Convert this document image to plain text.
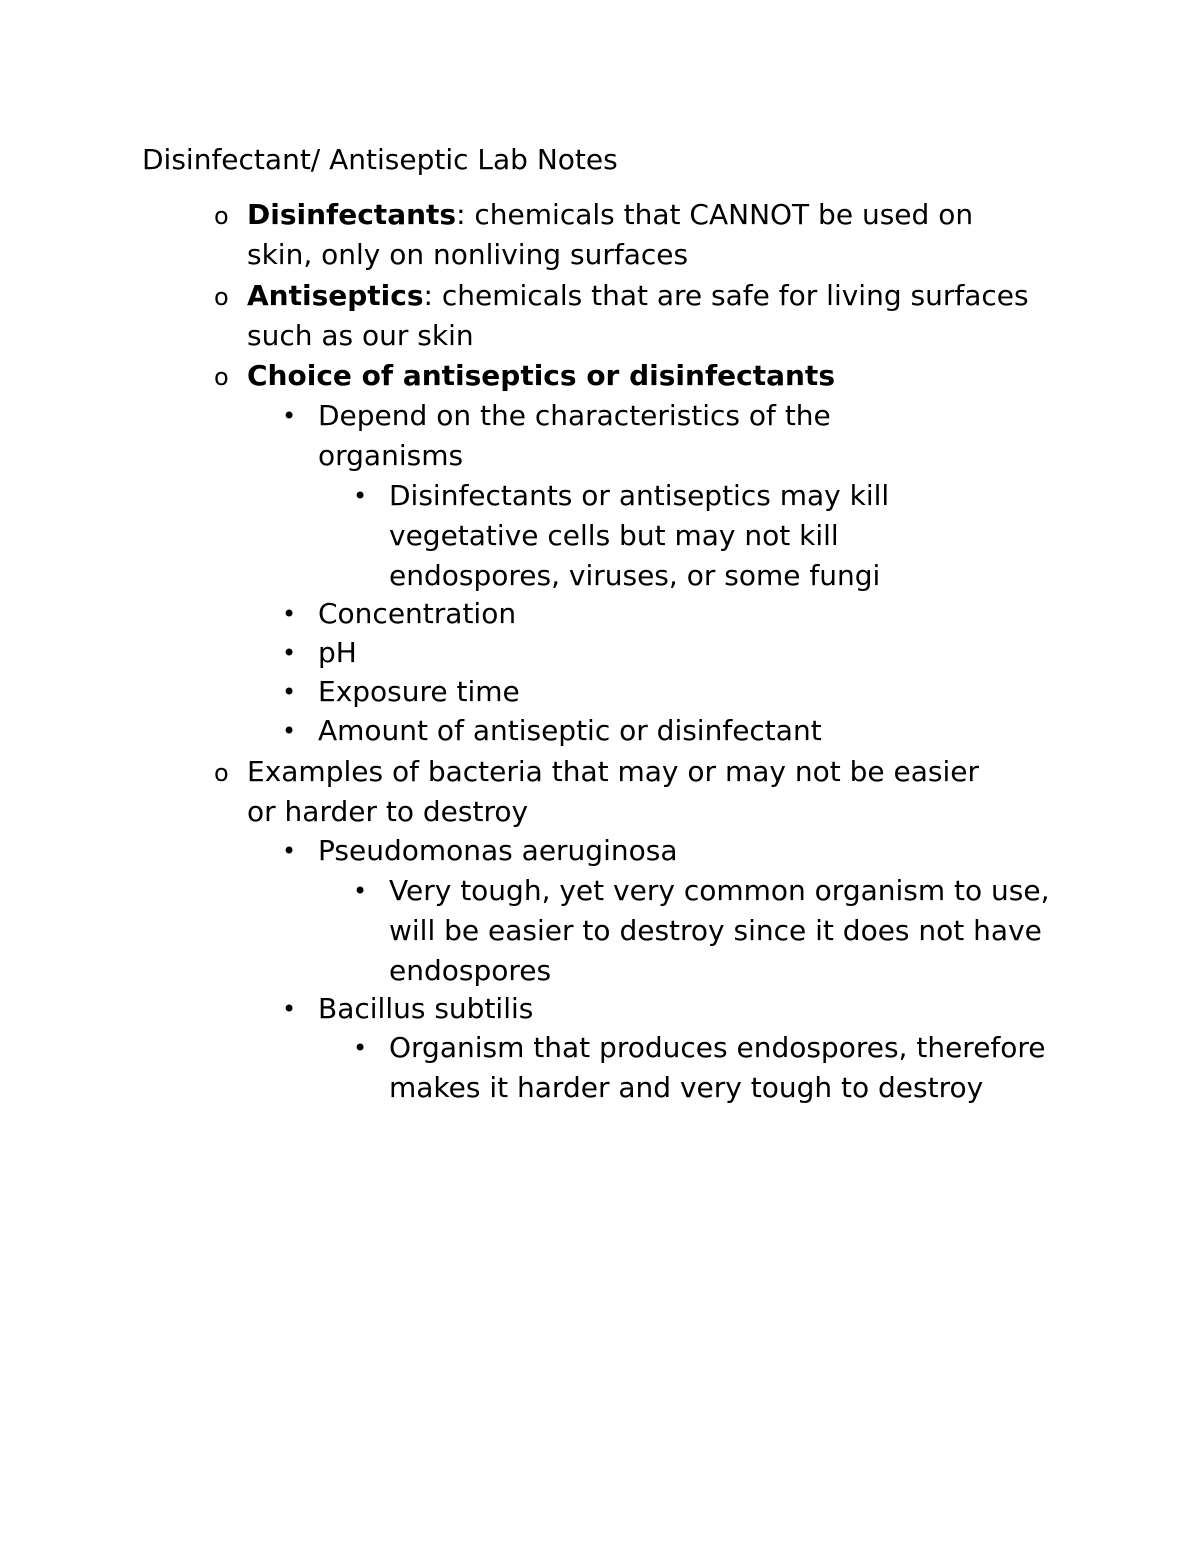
Disinfectant/ Antiseptic Lab Notes
o Disinfectants: chemicals that CANNOT be used on skin, only on nonliving surfaces
o Antiseptics: chemicals that are safe for living surfaces such as our skin
o Choice of antiseptics or disinfectants
• Depend on the characteristics of the organisms
• Disinfectants or antiseptics may kill vegetative cells but may not kill endospores, viruses, or some fungi
• Concentration
• pH
• Exposure time
• Amount of antiseptic or disinfectant
o Examples of bacteria that may or may not be easier or harder to destroy
• Pseudomonas aeruginosa
• Very tough, yet very common organism to use, will be easier to destroy since it does not have endospores
• Bacillus subtilis
• Organism that produces endospores, therefore makes it harder and very tough to destroy
